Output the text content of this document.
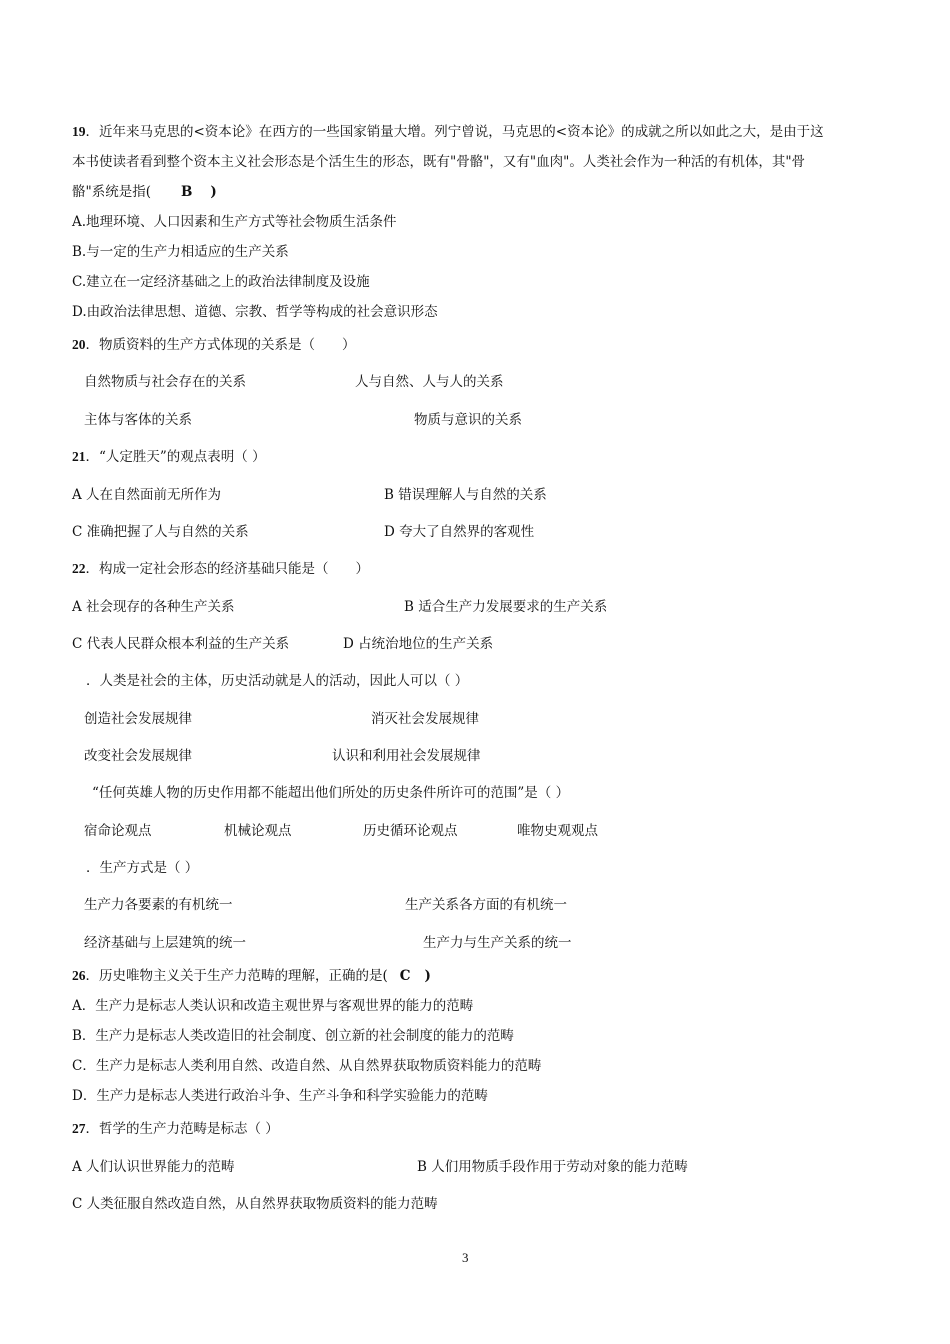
19．近年来马克思的<资本论》在西方的一些国家销量大增。列宁曾说，马克思的<资本论》的成就之所以如此之大，是由于这
本书使读者看到整个资本主义社会形态是个活生生的形态，既有"骨骼"，又有"血肉"。人类社会作为一种活的有机体，其"骨
骼"系统是指( B )
A.地理环境、人口因素和生产方式等社会物质生活条件
B.与一定的生产力相适应的生产关系
C.建立在一定经济基础之上的政治法律制度及设施
D.由政治法律思想、道德、宗教、哲学等构成的社会意识形态
20．物质资料的生产方式体现的关系是（　　）
自然物质与社会存在的关系	人与自然、人与人的关系
主体与客体的关系	物质与意识的关系
21．“人定胜天”的观点表明（ ）
A 人在自然面前无所作为	B 错误理解人与自然的关系
C 准确把握了人与自然的关系	D 夸大了自然界的客观性
22．构成一定社会形态的经济基础只能是（　　）
A 社会现存的各种生产关系	B 适合生产力发展要求的生产关系
C 代表人民群众根本利益的生产关系	D 占统治地位的生产关系
．人类是社会的主体，历史活动就是人的活动，因此人可以（ ）
创造社会发展规律	消灭社会发展规律
改变社会发展规律	认识和利用社会发展规律
“任何英雄人物的历史作用都不能超出他们所处的历史条件所许可的范围”是（ ）
宿命论观点	机械论观点	历史循环论观点	唯物史观观点
．生产方式是（ ）
生产力各要素的有机统一	生产关系各方面的有机统一
经济基础与上层建筑的统一	生产力与生产关系的统一
26．历史唯物主义关于生产力范畴的理解，正确的是( C )
A．生产力是标志人类认识和改造主观世界与客观世界的能力的范畴
B．生产力是标志人类改造旧的社会制度、创立新的社会制度的能力的范畴
C．生产力是标志人类利用自然、改造自然、从自然界获取物质资料能力的范畴
D．生产力是标志人类进行政治斗争、生产斗争和科学实验能力的范畴
27．哲学的生产力范畴是标志（ ）
A 人们认识世界能力的范畴	B 人们用物质手段作用于劳动对象的能力范畴
C 人类征服自然改造自然，从自然界获取物质资料的能力范畴
3
